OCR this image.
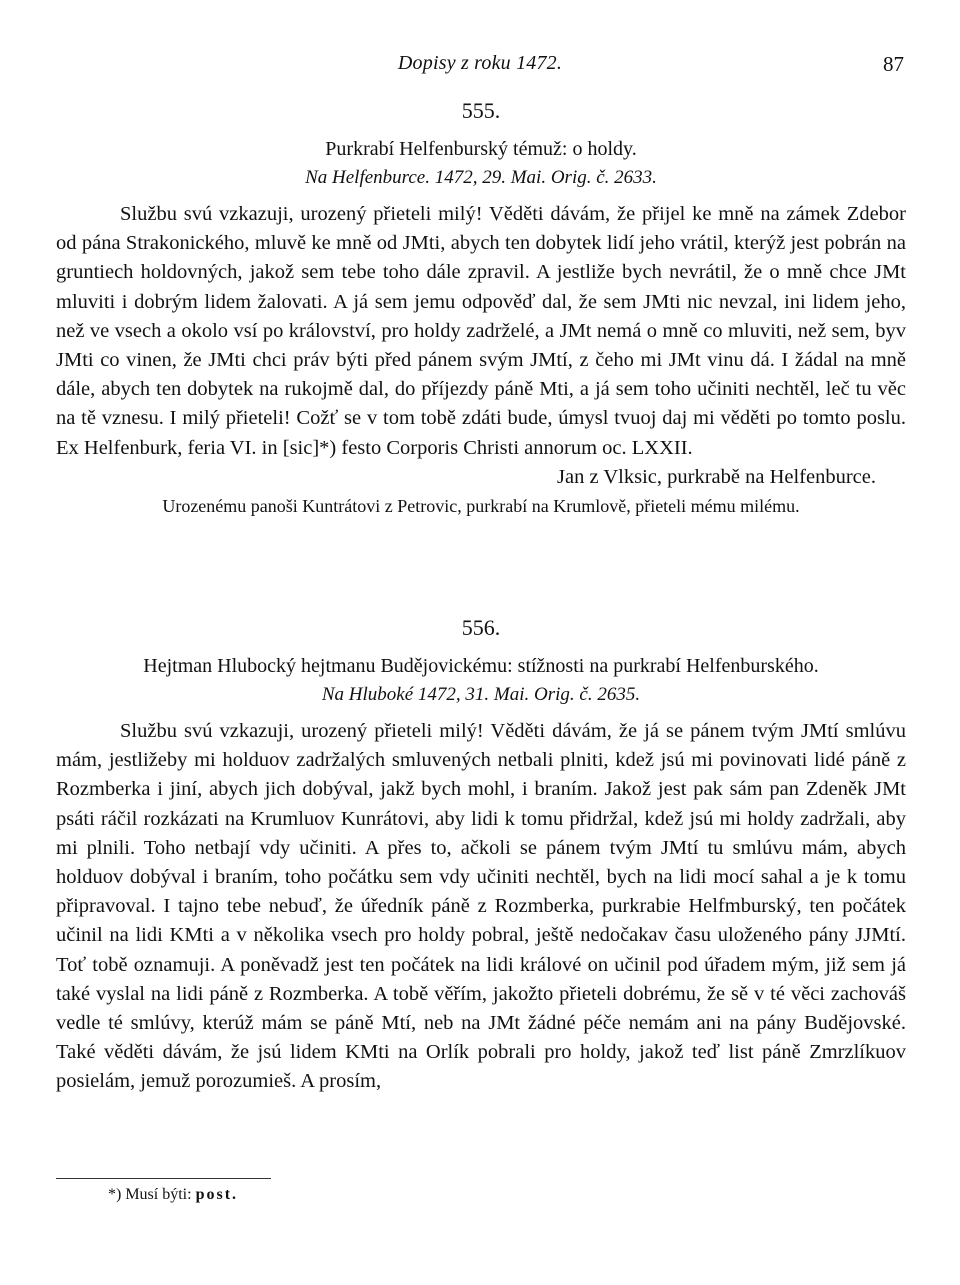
Dopisy z roku 1472.	87
555.
Purkrabí Helfenburský témuž: o holdy.
Na Helfenburce. 1472, 29. Mai. Orig. č. 2633.

Službu svú vzkazuji, urozený přieteli milý! Věděti dávám, že přijel ke mně na zámek Zdebor od pána Strakonického, mluvě ke mně od JMti, abych ten dobytek lidí jeho vrátil, kterýž jest pobrán na gruntiech holdovných, jakož sem tebe toho dále zpravil. A jestliže bych nevrátil, že o mně chce JMt mluviti i dobrým lidem žalovati. A já sem jemu odpověď dal, že sem JMti nic nevzal, ini lidem jeho, než ve vsech a okolo vsí po království, pro holdy zadrželé, a JMt nemá o mně co mluviti, než sem, byv JMti co vinen, že JMti chci práv býti před pánem svým JMtí, z čeho mi JMt vinu dá. I žádal na mně dále, abych ten dobytek na rukojmě dal, do příjezdy páně Mti, a já sem toho učiniti nechtěl, leč tu věc na tě vznesu. I milý přieteli! Cožť se v tom tobě zdáti bude, úmysl tvuoj daj mi věděti po tomto poslu. Ex Helfenburk, feria VI. in [sic]*) festo Corporis Christi annorum oc. LXXII.

Jan z Vlksic, purkrabě na Helfenburce.

Urozenému panoši Kuntrátovi z Petrovic, purkrabí na Krumlově, přieteli mému milému.

556.
Hejtman Hlubocký hejtmanu Budějovickému: stížnosti na purkrabí Helfenburského.
Na Hluboké 1472, 31. Mai. Orig. č. 2635.

Službu svú vzkazuji, urozený přieteli milý! Věděti dávám, že já se pánem tvým JMtí smlúvu mám, jestližeby mi holduov zadržalých smluvených netbali plniti, kdež jsú mi povinovati lidé páně z Rozmberka i jiní, abych jich dobýval, jakž bych mohl, i braním. Jakož jest pak sám pan Zdeněk JMt psáti ráčil rozkázati na Krumluov Kunrátovi, aby lidi k tomu přidržal, kdež jsú mi holdy zadržali, aby mi plnili. Toho netbají vdy učiniti. A přes to, ačkoli se pánem tvým JMtí tu smlúvu mám, abych holduov dobýval i braním, toho počátku sem vdy učiniti nechtěl, bych na lidi mocí sahal a je k tomu připravoval. I tajno tebe nebuď, že úředník páně z Rozmberka, purkrabie Helfmburský, ten počátek učinil na lidi KMti a v několika vsech pro holdy pobral, ještě nedočakav času uloženého pány JJMtí. Toť tobě oznamuji. A poněvadž jest ten počátek na lidi králové on učinil pod úřadem mým, již sem já také vyslal na lidi páně z Rozmberka. A tobě věřím, jakožto přieteli dobrému, že sě v té věci zachováš vedle té smlúvy, kterúž mám se páně Mtí, neb na JMt žádné péče nemám ani na pány Budějovské. Také věděti dávám, že jsú lidem KMti na Orlík pobrali pro holdy, jakož teď list páně Zmrzlíkuov posielám, jemuž porozumieš. A prosím,

*) Musí býti: post.
